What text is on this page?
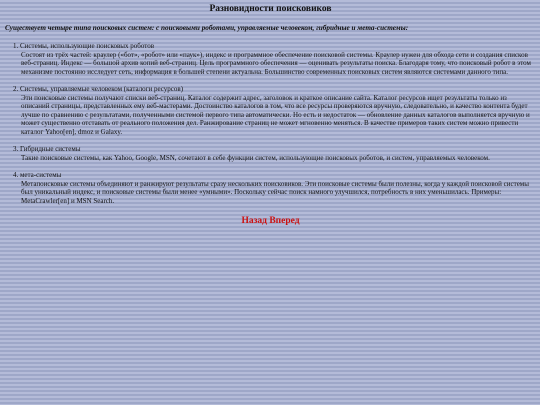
Разновидности поисковиков
Существует четыре типа поисковых систем: с поисковыми роботами, управляемые человеком, гибридные и мета-системы:
1. Системы, использующие поисковых роботов
Состоят из трёх частей: краулер («бот», «робот» или «паук»), индекс и программное обеспечение поисковой системы. Краулер нужен для обхода сети и создания списков веб-страниц. Индекс — большой архив копий веб-страниц. Цель программного обеспечения — оценивать результаты поиска. Благодаря тому, что поисковый робот в этом механизме постоянно исследует сеть, информация в большей степени актуальна. Большинство современных поисковых систем являются системами данного типа.
2. Системы, управляемые человеком (каталоги ресурсов)
Эти поисковые системы получают списки веб-страниц. Каталог содержит адрес, заголовок и краткое описание сайта. Каталог ресурсов ищет результаты только из описаний страницы, представленных ему веб-мастерами. Достоинство каталогов в том, что все ресурсы проверяются вручную, следовательно, и качество контента будет лучше по сравнению с результатами, полученными системой первого типа автоматически. Но есть и недостаток — обновление данных каталогов выполняется вручную и может существенно отставать от реального положения дел. Ранжирование страниц не может мгновенно меняться. В качестве примеров таких систем можно привести каталог Yahoo[en], dmoz и Galaxy.
3. Гибридные системы
Такие поисковые системы, как Yahoo, Google, MSN, сочетают в себе функции систем, использующие поисковых роботов, и систем, управляемых человеком.
4. мета-системы
Метапоисковые системы объединяют и ранжируют результаты сразу нескольких поисковиков. Эти поисковые системы были полезны, когда у каждой поисковой системы был уникальный индекс, и поисковые системы были менее «умными». Поскольку сейчас поиск намного улучшился, потребность в них уменьшилась. Примеры: MetaCrawler[en] и MSN Search.
Назад Вперед
